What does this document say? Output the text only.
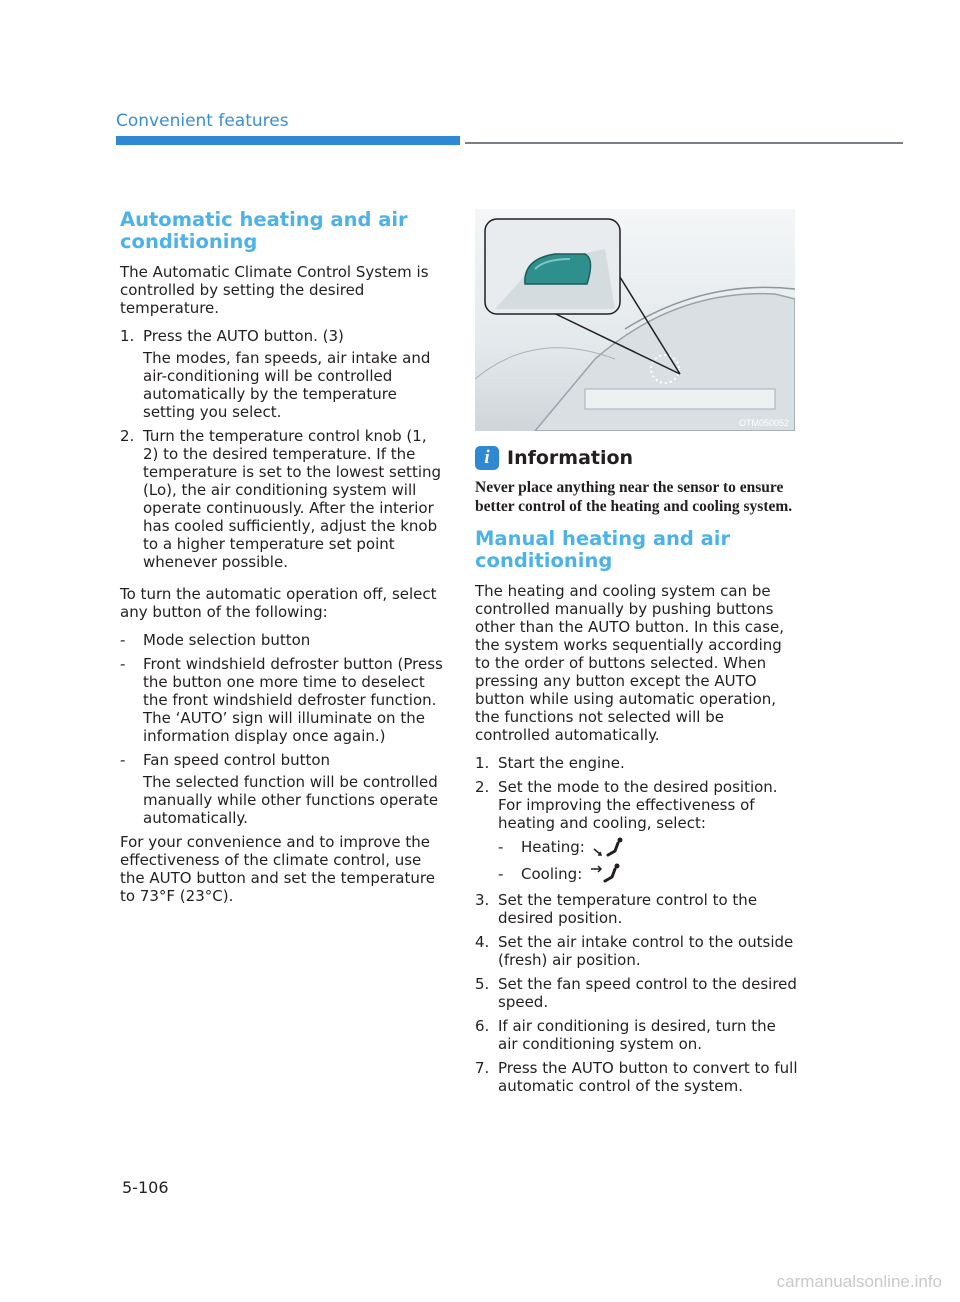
Convenient features
Automatic heating and air conditioning

The Automatic Climate Control System is controlled by setting the desired temperature.

1. Press the AUTO button. (3)
The modes, fan speeds, air intake and air-conditioning will be controlled automatically by the temperature setting you select.
2. Turn the temperature control knob (1, 2) to the desired temperature. If the temperature is set to the lowest setting (Lo), the air conditioning system will operate continuously. After the interior has cooled sufficiently, adjust the knob to a higher temperature set point whenever possible.

To turn the automatic operation off, select any button of the following:

- Mode selection button
- Front windshield defroster button (Press the button one more time to deselect the front windshield defroster function. The ‘AUTO’ sign will illuminate on the information display once again.)
- Fan speed control button
The selected function will be controlled manually while other functions operate automatically.

For your convenience and to improve the effectiveness of the climate control, use the AUTO button and set the temperature to 73°F (23°C).

OTM050052
i Information

Never place anything near the sensor to ensure better control of the heating and cooling system.

Manual heating and air conditioning

The heating and cooling system can be controlled manually by pushing buttons other than the AUTO button. In this case, the system works sequentially according to the order of buttons selected. When pressing any button except the AUTO button while using automatic operation, the functions not selected will be controlled automatically.

1. Start the engine.
2. Set the mode to the desired position. For improving the effectiveness of heating and cooling, select:
- Heating:
- Cooling:
3. Set the temperature control to the desired position.
4. Set the air intake control to the outside (fresh) air position.
5. Set the fan speed control to the desired speed.
6. If air conditioning is desired, turn the air conditioning system on.
7. Press the AUTO button to convert to full automatic control of the system.
5-106
carmanualsonline.info
